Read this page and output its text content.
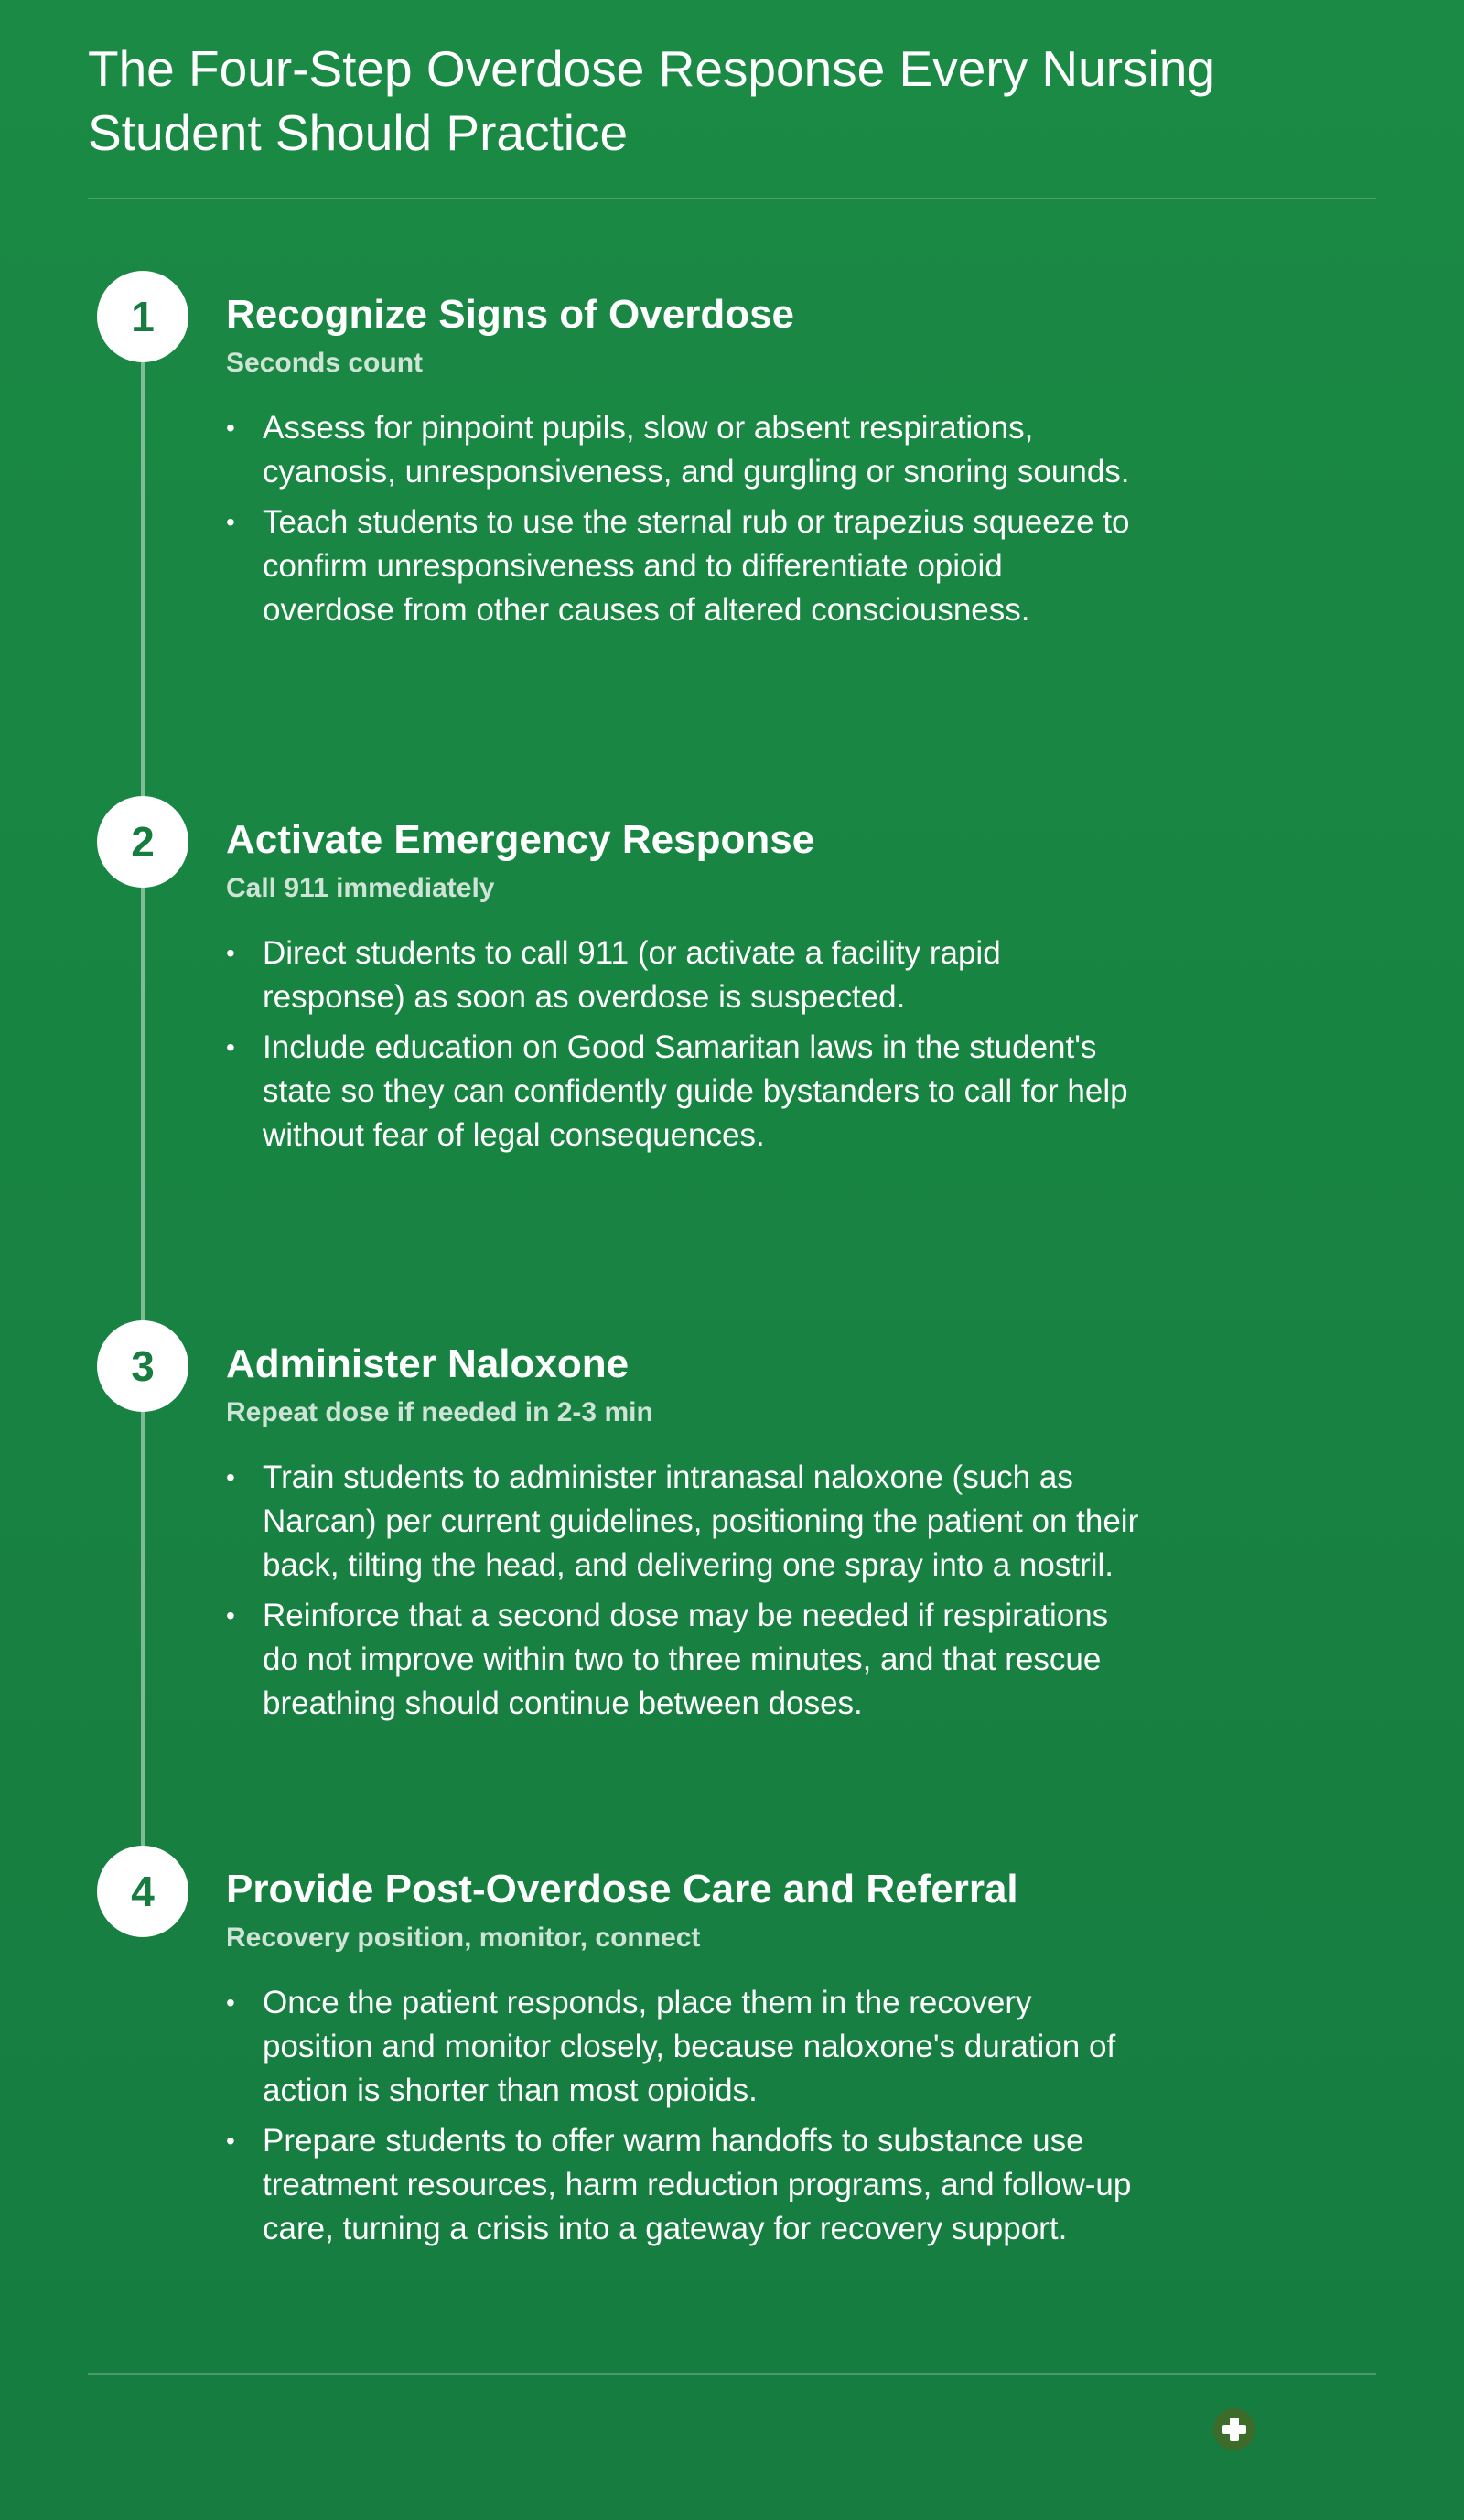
The Four-Step Overdose Response Every Nursing Student Should Practice
1	Recognize Signs of Overdose

Seconds count

• Assess for pinpoint pupils, slow or absent respirations, cyanosis, unresponsiveness, and gurgling or snoring sounds.
• Teach students to use the sternal rub or trapezius squeeze to confirm unresponsiveness and to differentiate opioid overdose from other causes of altered consciousness.
2	Activate Emergency Response

Call 911 immediately

• Direct students to call 911 (or activate a facility rapid response) as soon as overdose is suspected.
• Include education on Good Samaritan laws in the student's state so they can confidently guide bystanders to call for help without fear of legal consequences.
3	Administer Naloxone

Repeat dose if needed in 2-3 min

• Train students to administer intranasal naloxone (such as Narcan) per current guidelines, positioning the patient on their back, tilting the head, and delivering one spray into a nostril.
• Reinforce that a second dose may be needed if respirations do not improve within two to three minutes, and that rescue breathing should continue between doses.
4	Provide Post-Overdose Care and Referral

Recovery position, monitor, connect

• Once the patient responds, place them in the recovery position and monitor closely, because naloxone's duration of action is shorter than most opioids.
• Prepare students to offer warm handoffs to substance use treatment resources, harm reduction programs, and follow-up care, turning a crisis into a gateway for recovery support.
